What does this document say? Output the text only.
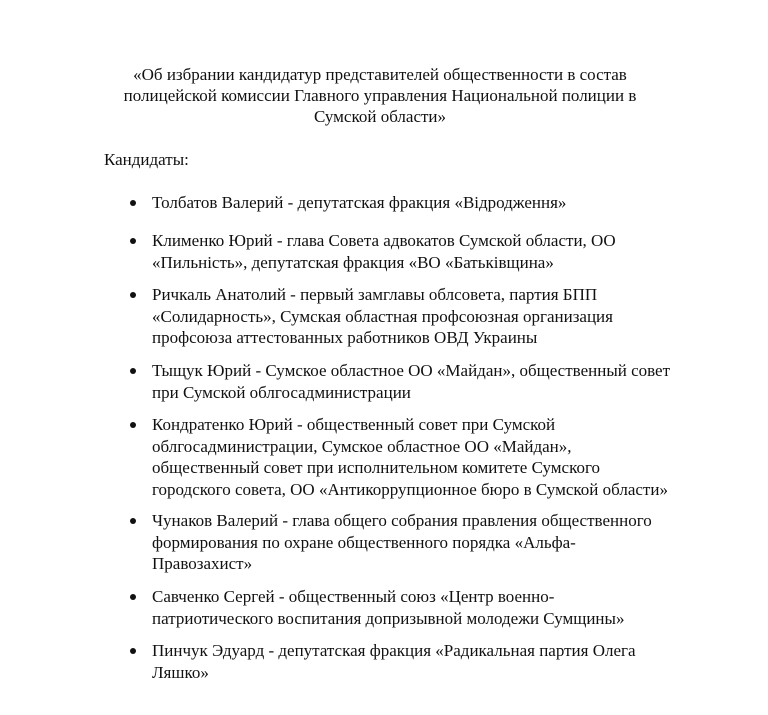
«Об избрании кандидатур представителей общественности в состав
полицейской комиссии Главного управления Национальной полиции в
Сумской области»

Кандидаты:

Толбатов Валерий - депутатская фракция «Відродження»
Клименко Юрий - глава Совета адвокатов Сумской области, ОО
«Пильність», депутатская фракция «ВО «Батьківщина»
Ричкаль Анатолий - первый замглавы облсовета, партия БПП
«Солидарность», Сумская областная профсоюзная организация
профсоюза аттестованных работников ОВД Украины
Тыщук Юрий - Сумское областное ОО «Майдан», общественный совет
при Сумской облгосадминистрации
Кондратенко Юрий - общественный совет при Сумской
облгосадминистрации, Сумское областное ОО «Майдан»,
общественный совет при исполнительном комитете Сумского
городского совета, ОО «Антикоррупционное бюро в Сумской области»
Чунаков Валерий - глава общего собрания правления общественного
формирования по охране общественного порядка «Альфа-
Правозахист»
Савченко Сергей - общественный союз «Центр военно-
патриотического воспитания допризывной молодежи Сумщины»
Пинчук Эдуард - депутатская фракция «Радикальная партия Олега
Ляшко»
